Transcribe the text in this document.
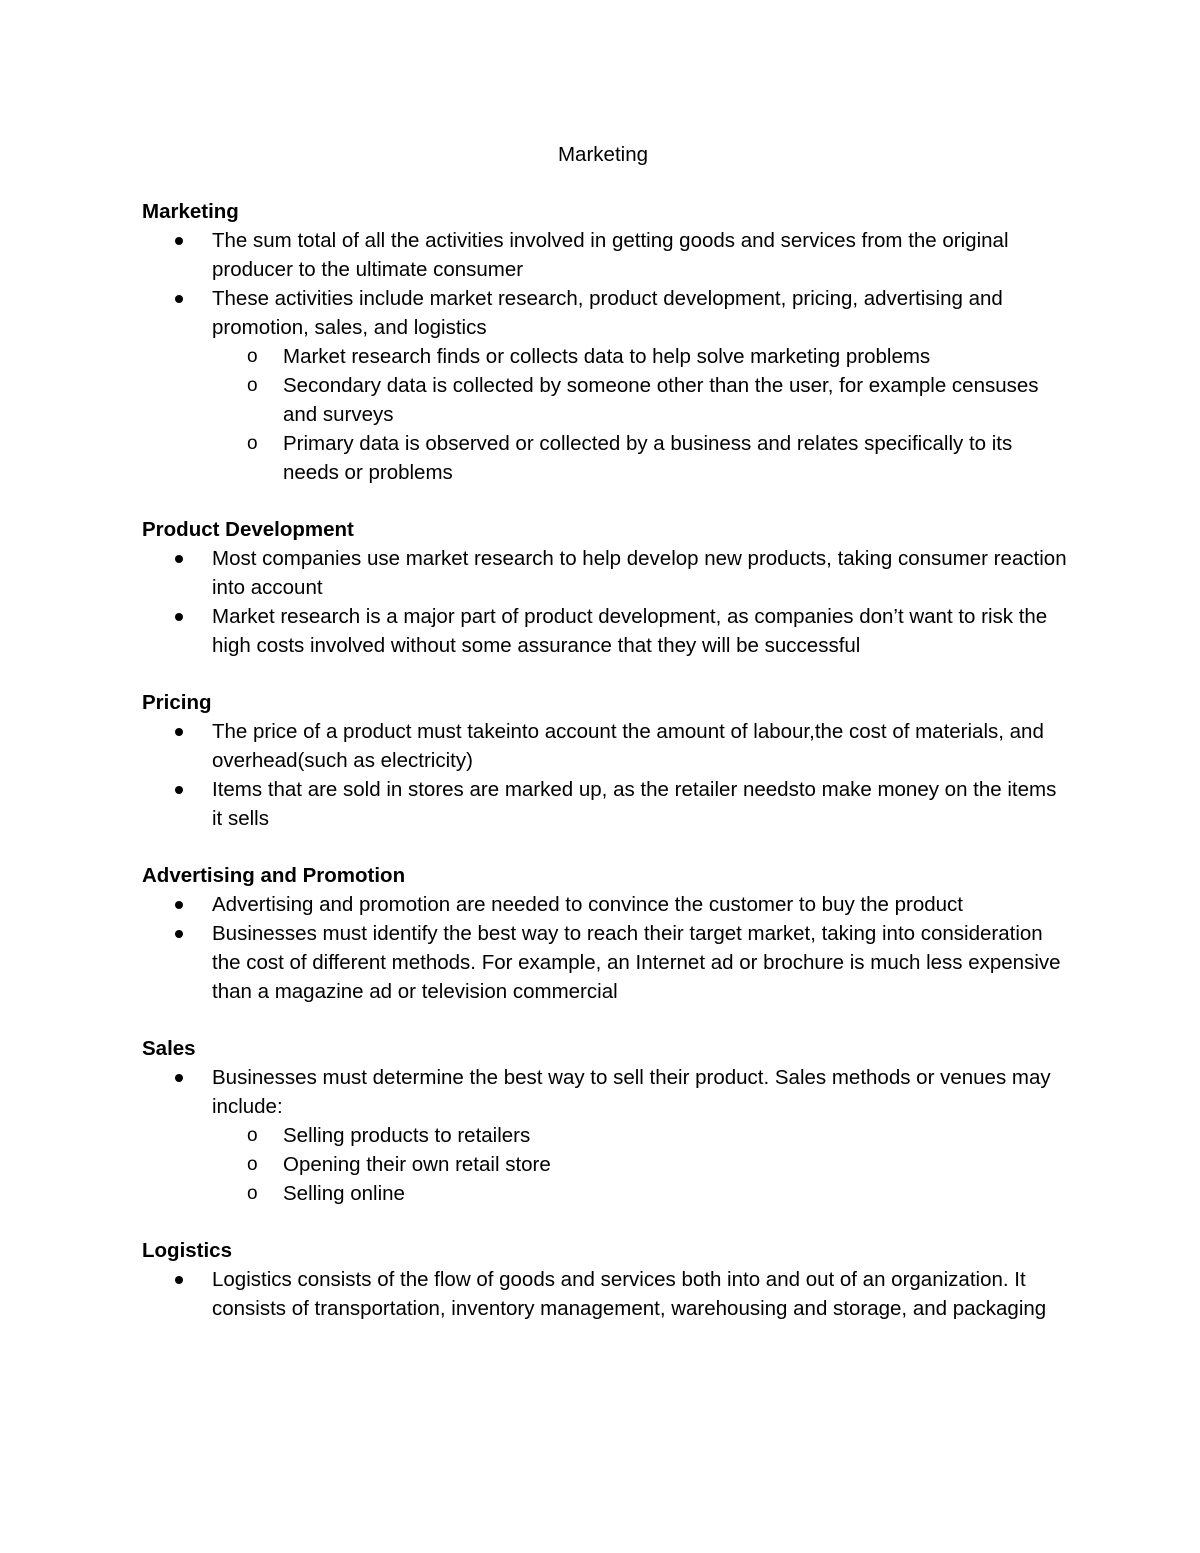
Marketing
Marketing
The sum total of all the activities involved in getting goods and services from the original producer to the ultimate consumer
These activities include market research, product development, pricing, advertising and promotion, sales, and logistics
o Market research finds or collects data to help solve marketing problems
o Secondary data is collected by someone other than the user, for example censuses and surveys
o Primary data is observed or collected by a business and relates specifically to its needs or problems
Product Development
Most companies use market research to help develop new products, taking consumer reaction into account
Market research is a major part of product development, as companies don’t want to risk the high costs involved without some assurance that they will be successful
Pricing
The price of a product must takeinto account the amount of labour,the cost of materials, and overhead(such as electricity)
Items that are sold in stores are marked up, as the retailer needsto make money on the items it sells
Advertising and Promotion
Advertising and promotion are needed to convince the customer to buy the product
Businesses must identify the best way to reach their target market, taking into consideration the cost of different methods. For example, an Internet ad or brochure is much less expensive than a magazine ad or television commercial
Sales
Businesses must determine the best way to sell their product. Sales methods or venues may include:
o Selling products to retailers
o Opening their own retail store
o Selling online
Logistics
Logistics consists of the flow of goods and services both into and out of an organization. It consists of transportation, inventory management, warehousing and storage, and packaging
